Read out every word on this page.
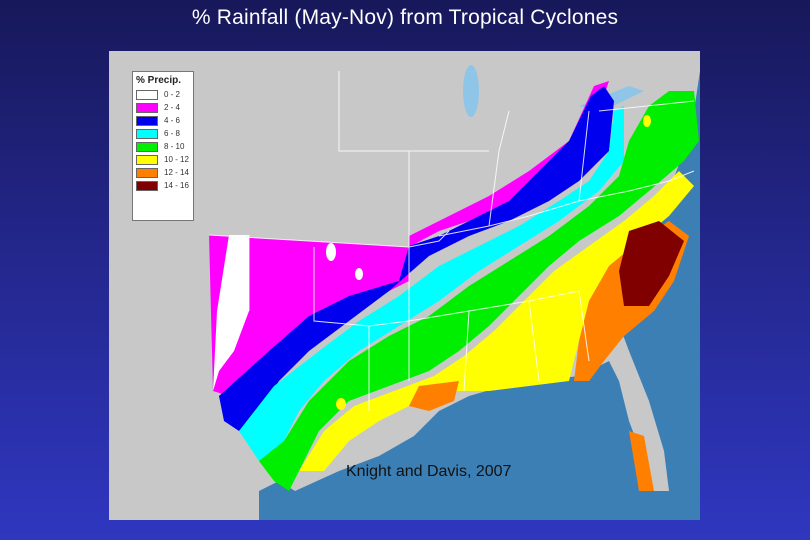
% Rainfall (May-Nov) from Tropical Cyclones
% Precip.
0 - 2
2 - 4
4 - 6
6 - 8
8 - 10
10 - 12
12 - 14
14 - 16
Knight and Davis, 2007
